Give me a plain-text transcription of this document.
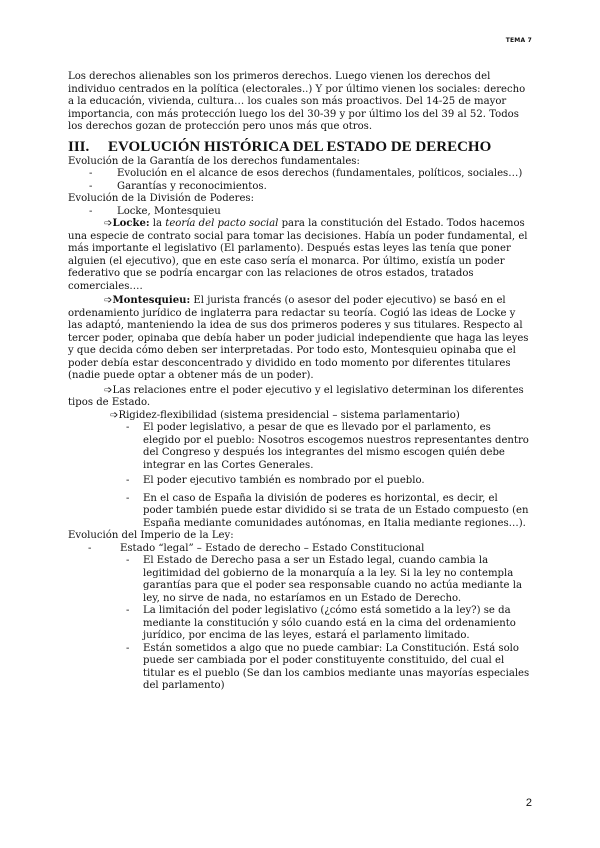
TEMA 7

Los derechos alienables son los primeros derechos. Luego vienen los derechos del individuo centrados en la política (electorales..) Y por último vienen los sociales: derecho a la educación, vivienda, cultura… los cuales son más proactivos. Del 14-25 de mayor importancia, con más protección luego los del 30-39 y por último los del 39 al 52. Todos los derechos gozan de protección pero unos más que otros.

III.	EVOLUCIÓN HISTÓRICA DEL ESTADO DE DERECHO

Evolución de la Garantía de los derechos fundamentales:

-	Evolución en el alcance de esos derechos (fundamentales, políticos, sociales…)
-	Garantías y reconocimientos.

Evolución de la División de Poderes:

-	Locke, Montesquieu

➩Locke: la teoría del pacto social para la constitución del Estado. Todos hacemos una especie de contrato social para tomar las decisiones. Había un poder fundamental, el más importante el legislativo (El parlamento). Después estas leyes las tenía que poner alguien (el ejecutivo), que en este caso sería el monarca. Por último, existía un poder federativo que se podría encargar con las relaciones de otros estados, tratados comerciales….

➩Montesquieu: El jurista francés (o asesor del poder ejecutivo) se basó en el ordenamiento jurídico de inglaterra para redactar su teoría. Cogió las ideas de Locke y las adaptó, manteniendo la idea de sus dos primeros poderes y sus titulares. Respecto al tercer poder, opinaba que debía haber un poder judicial independiente que haga las leyes y que decida cómo deben ser interpretadas. Por todo esto, Montesquieu opinaba que el poder debía estar desconcentrado y dividido en todo momento por diferentes titulares (nadie puede optar a obtener más de un poder).

➩Las relaciones entre el poder ejecutivo y el legislativo determinan los diferentes tipos de Estado.

➩Rigidez-flexibilidad (sistema presidencial – sistema parlamentario)

-	El poder legislativo, a pesar de que es llevado por el parlamento, es elegido por el pueblo: Nosotros escogemos nuestros representantes dentro del Congreso y después los integrantes del mismo escogen quién debe integrar en las Cortes Generales.
-	El poder ejecutivo también es nombrado por el pueblo.
-	En el caso de España la división de poderes es horizontal, es decir, el poder también puede estar dividido si se trata de un Estado compuesto (en España mediante comunidades autónomas, en Italia mediante regiones…).

Evolución del Imperio de la Ley:

-	Estado “legal” – Estado de derecho – Estado Constitucional
-	El Estado de Derecho pasa a ser un Estado legal, cuando cambia la legitimidad del gobierno de la monarquía a la ley. Si la ley no contempla garantías para que el poder sea responsable cuando no actúa mediante la ley, no sirve de nada, no estaríamos en un Estado de Derecho.
-	La limitación del poder legislativo (¿cómo está sometido a la ley?) se da mediante la constitución y sólo cuando está en la cima del ordenamiento jurídico, por encima de las leyes, estará el parlamento limitado.
-	Están sometidos a algo que no puede cambiar: La Constitución. Está solo puede ser cambiada por el poder constituyente constituido, del cual el titular es el pueblo (Se dan los cambios mediante unas mayorías especiales del parlamento)
2
